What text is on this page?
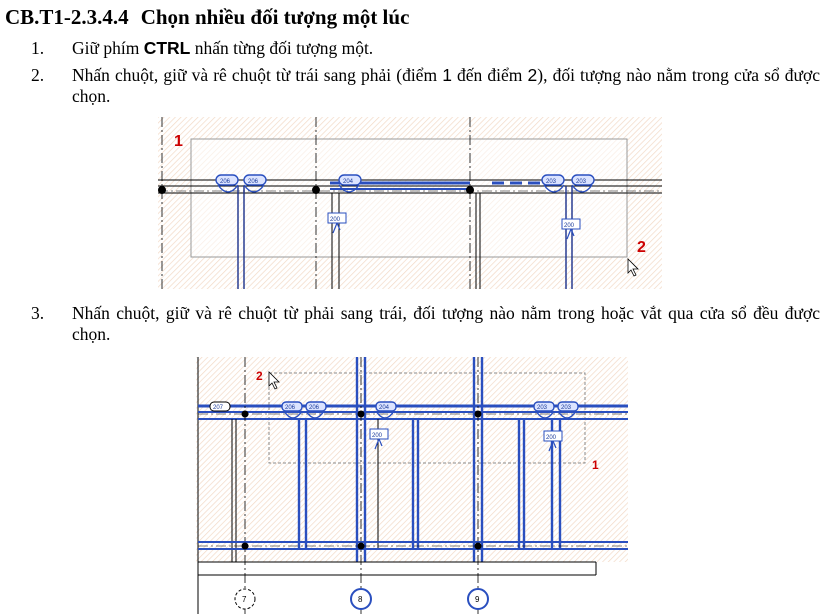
CB.T1-2.3.4.4 Chọn nhiều đối tượng một lúc
1. Giữ phím CTRL nhấn từng đối tượng một.
2. Nhấn chuột, giữ và rê chuột từ trái sang phải (điểm 1 đến điểm 2), đối tượng nào nằm trong cửa sổ được chọn.
206	206	204	203	203
200
200
1
2
3. Nhấn chuột, giữ và rê chuột từ phải sang trái, đối tượng nào nằm trong hoặc vắt qua cửa sổ đều được chọn.
207	206 206	204	203 203
200	200
7	8	9
2
1
